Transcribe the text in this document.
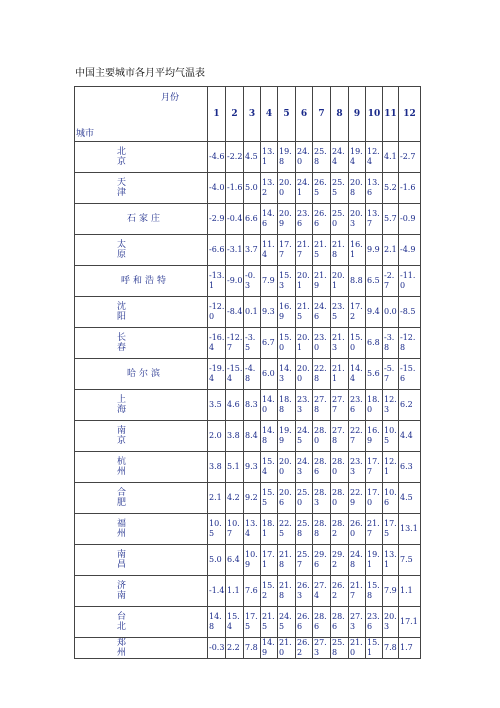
中国主要城市各月平均气温表
月份
城市	1	2	3	4	5	6	7	8	9	10	11	12

北京	-4.6	-2.2	4.5	13.1	19.8	24.0	25.8	24.4	19.4	12.4	4.1	-2.7

天津	-4.0	-1.6	5.0	13.2	20.0	24.1	26.5	25.5	20.8	13.6	5.2	-1.6

石家庄	-2.9	-0.4	6.6	14.6	20.9	23.6	26.6	25.0	20.3	13.7	5.7	-0.9

太原	-6.6	-3.1	3.7	11.4	17.7	21.7	21.5	21.8	16.1	9.9	2.1	-4.9

呼和浩特	-13.1	-9.0	-0.3	7.9	15.3	20.1	21.9	20.1	8.8	6.5	-2.7	-11.0

沈阳	-12.0	-8.4	0.1	9.3	16.9	21.5	24.6	23.5	17.2	9.4	0.0	-8.5

长春	-16.4	-12.7	-3.5	6.7	15.0	20.1	23.0	21.3	15.0	6.8	-3.8	-12.8

哈尔滨	-19.4	-15.4	-4.8	6.0	14.3	20.0	22.8	21.1	14.4	5.6	-5.7	-15.6

上海	3.5	4.6	8.3	14.0	18.8	23.3	27.8	27.7	23.6	18.0	12.3	6.2

南京	2.0	3.8	8.4	14.8	19.9	24.5	28.0	27.8	22.7	16.9	10.5	4.4

杭州	3.8	5.1	9.3	15.4	20.0	24.3	28.6	28.0	23.3	17.7	12.1	6.3

合肥	2.1	4.2	9.2	15.5	20.6	25.0	28.3	28.0	22.9	17.0	10.6	4.5

福州	10.5	10.7	13.4	18.1	22.5	25.8	28.8	28.2	26.0	21.7	17.5	13.1

南昌	5.0	6.4	10.9	17.1	21.8	25.7	29.6	29.2	24.8	19.1	13.1	7.5

济南	-1.4	1.1	7.6	15.2	21.8	26.3	27.4	26.2	21.7	15.8	7.9	1.1

台北	14.8	15.4	17.5	21.5	24.5	26.6	28.6	28.6	27.3	23.6	20.3	17.1

郑州	-0.3	2.2	7.8	14.9	21.0	26.2	27.3	25.8	21.0	15.1	7.8	1.7
